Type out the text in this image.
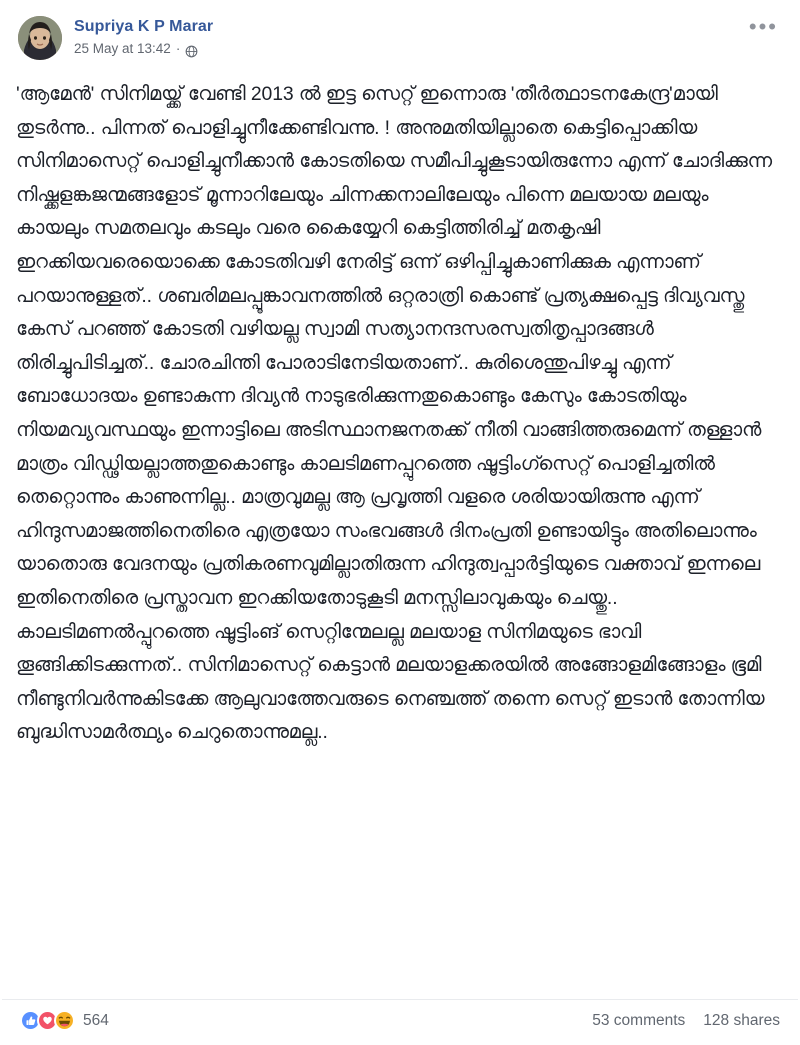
Supriya K P Marar
25 May at 13:42 ·
•••
'ആമേൻ' സിനിമയ്ക്ക് വേണ്ടി 2013 ൽ ഇട്ട സെറ്റ് ഇന്നൊരു 'തീർത്ഥാടനകേന്ദ്ര'മായി തുടർന്നു.. പിന്നത് പൊളിച്ചുനീക്കേണ്ടിവന്നു. ! അനുമതിയില്ലാതെ കെട്ടിപ്പൊക്കിയ സിനിമാസെറ്റ് പൊളിച്ചുനീക്കാൻ കോടതിയെ സമീപിച്ചുകൂടായിരുന്നോ എന്ന് ചോദിക്കുന്ന നിഷ്ക്കളങ്കജന്മങ്ങളോട് മൂന്നാറിലേയും ചിന്നക്കനാലിലേയും പിന്നെ മലയായ മലയും കായലും സമതലവും കടലും വരെ കൈയ്യേറി കെട്ടിത്തിരിച്ച് മതകൃഷി ഇറക്കിയവരെയൊക്കെ കോടതിവഴി നേരിട്ട് ഒന്ന് ഒഴിപ്പിച്ചുകാണിക്കുക എന്നാണ് പറയാനുള്ളത്.. ശബരിമലപ്പൂങ്കാവനത്തിൽ ഒറ്റരാത്രി കൊണ്ട് പ്രത്യക്ഷപ്പെട്ട ദിവ്യവസ്തു കേസ് പറഞ്ഞ് കോടതി വഴിയല്ല സ്വാമി സത്യാനന്ദസരസ്വതിതൃപ്പാദങ്ങൾ തിരിച്ചുപിടിച്ചത്.. ചോരചിന്തി പോരാടിനേടിയതാണ്.. കുരിശെന്തുപിഴച്ചു എന്ന് ബോധോദയം ഉണ്ടാകുന്ന ദിവ്യൻ നാടുഭരിക്കുന്നതുകൊണ്ടും കേസും കോടതിയും നിയമവ്യവസ്ഥയും ഇന്നാട്ടിലെ അടിസ്ഥാനജനതക്ക് നീതി വാങ്ങിത്തരുമെന്ന് തള്ളാൻ മാത്രം വിഡ്ഢിയല്ലാത്തതുകൊണ്ടും കാലടിമണപ്പുറത്തെ ഷൂട്ടിംഗ്സെറ്റ് പൊളിച്ചതിൽ തെറ്റൊന്നും കാണുന്നില്ല.. മാത്രവുമല്ല ആ പ്രവൃത്തി വളരെ ശരിയായിരുന്നു എന്ന് ഹിന്ദുസമാജത്തിനെതിരെ എത്രയോ സംഭവങ്ങൾ ദിനംപ്രതി ഉണ്ടായിട്ടും അതിലൊന്നും യാതൊരു വേദനയും പ്രതികരണവുമില്ലാതിരുന്ന ഹിന്ദുത്വപ്പാർട്ടിയുടെ വക്താവ് ഇന്നലെ ഇതിനെതിരെ പ്രസ്താവന ഇറക്കിയതോടുകൂടി മനസ്സിലാവുകയും ചെയ്തു.. കാലടിമണൽപ്പുറത്തെ ഷൂട്ടിംങ് സെറ്റിന്മേലല്ല മലയാള സിനിമയുടെ ഭാവി തൂങ്ങിക്കിടക്കുന്നത്.. സിനിമാസെറ്റ് കെട്ടാൻ മലയാളക്കരയിൽ അങ്ങോളമിങ്ങോളം ഭൂമി നീണ്ടുനിവർന്നുകിടക്കേ ആലുവാത്തേവരുടെ നെഞ്ചത്ത് തന്നെ സെറ്റ് ഇടാൻ തോന്നിയ ബുദ്ധിസാമർത്ഥ്യം ചെറുതൊന്നുമല്ല..
564	53 comments 128 shares
